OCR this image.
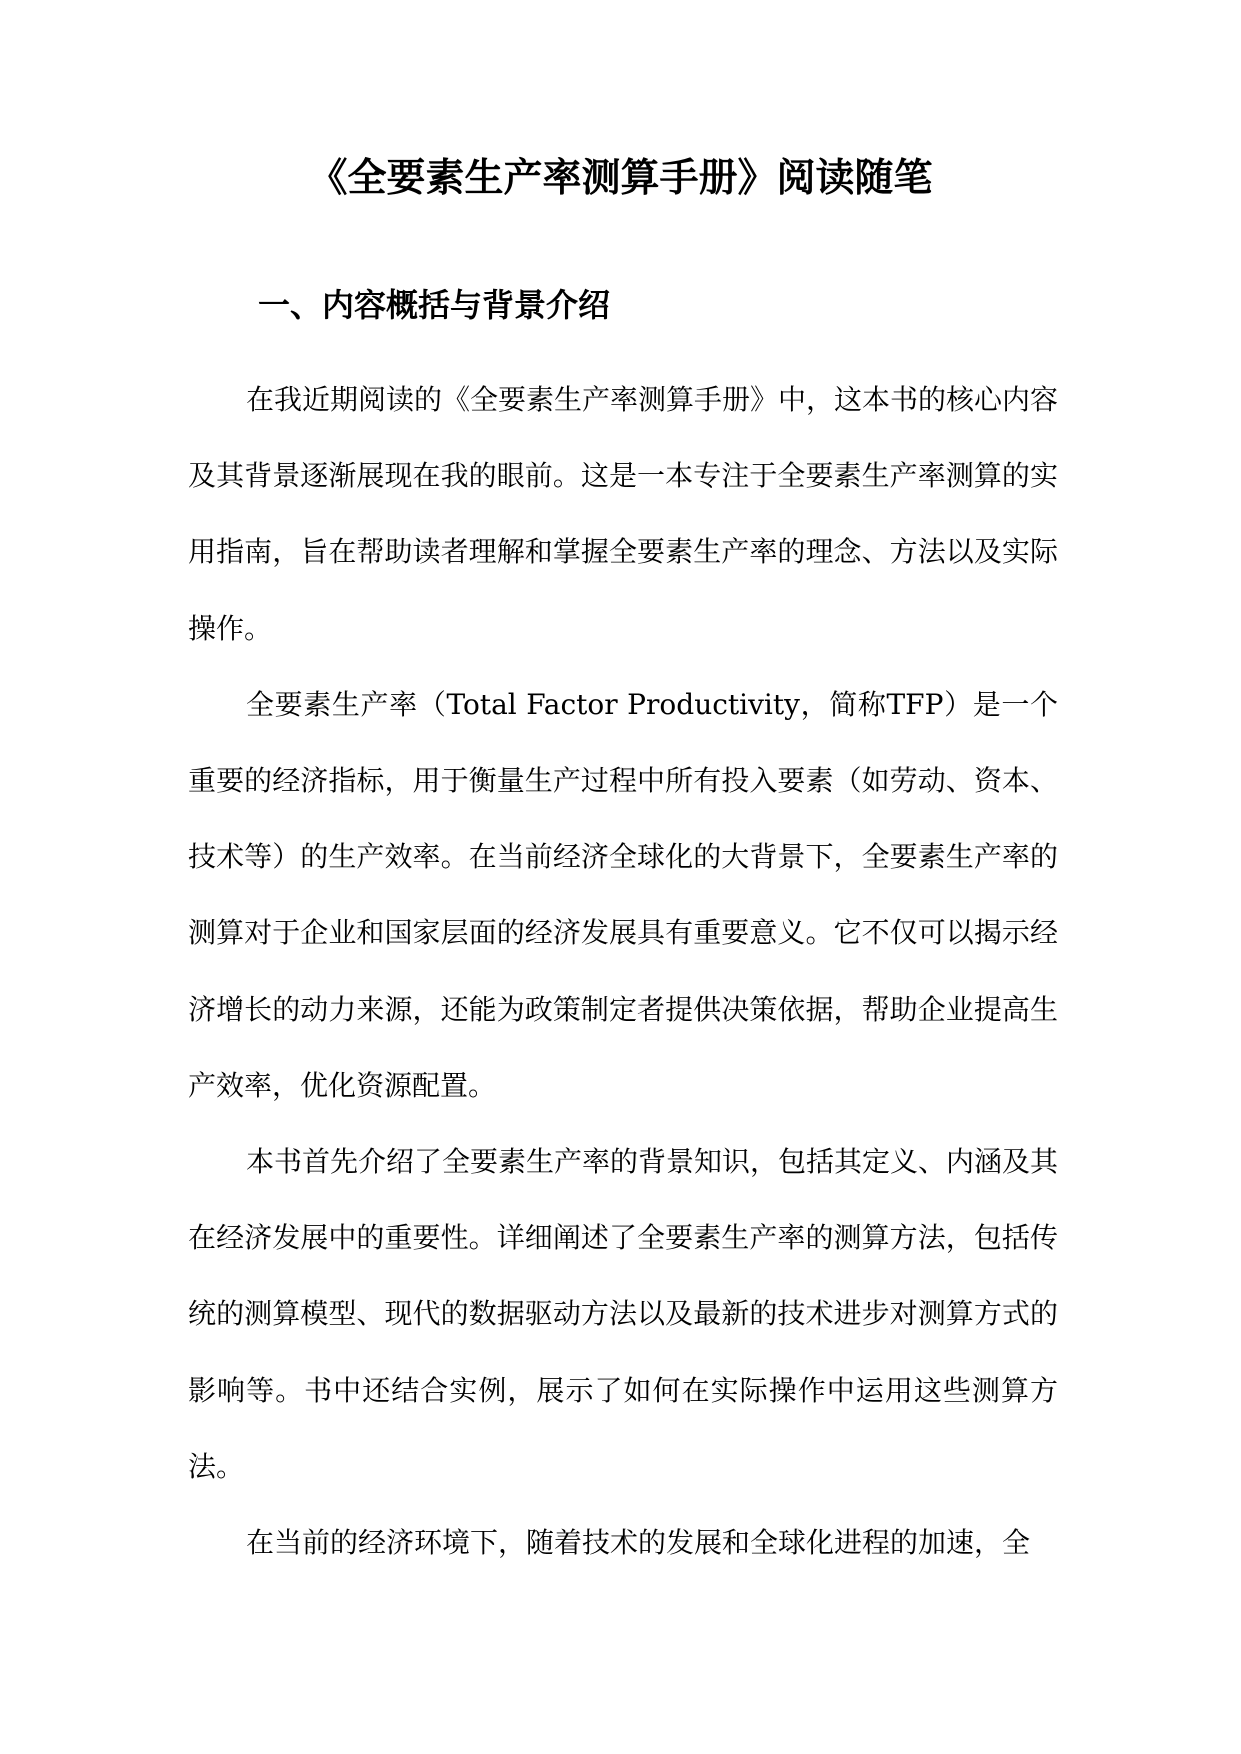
《全要素生产率测算手册》阅读随笔
一、内容概括与背景介绍

在我近期阅读的《全要素生产率测算手册》中，这本书的核心内容及其背景逐渐展现在我的眼前。这是一本专注于全要素生产率测算的实用指南，旨在帮助读者理解和掌握全要素生产率的理念、方法以及实际操作。

全要素生产率（Total Factor Productivity，简称TFP）是一个重要的经济指标，用于衡量生产过程中所有投入要素（如劳动、资本、技术等）的生产效率。在当前经济全球化的大背景下，全要素生产率的测算对于企业和国家层面的经济发展具有重要意义。它不仅可以揭示经济增长的动力来源，还能为政策制定者提供决策依据，帮助企业提高生产效率，优化资源配置。

本书首先介绍了全要素生产率的背景知识，包括其定义、内涵及其在经济发展中的重要性。详细阐述了全要素生产率的测算方法，包括传统的测算模型、现代的数据驱动方法以及最新的技术进步对测算方式的影响等。书中还结合实例，展示了如何在实际操作中运用这些测算方法。

在当前的经济环境下，随着技术的发展和全球化进程的加速，全
